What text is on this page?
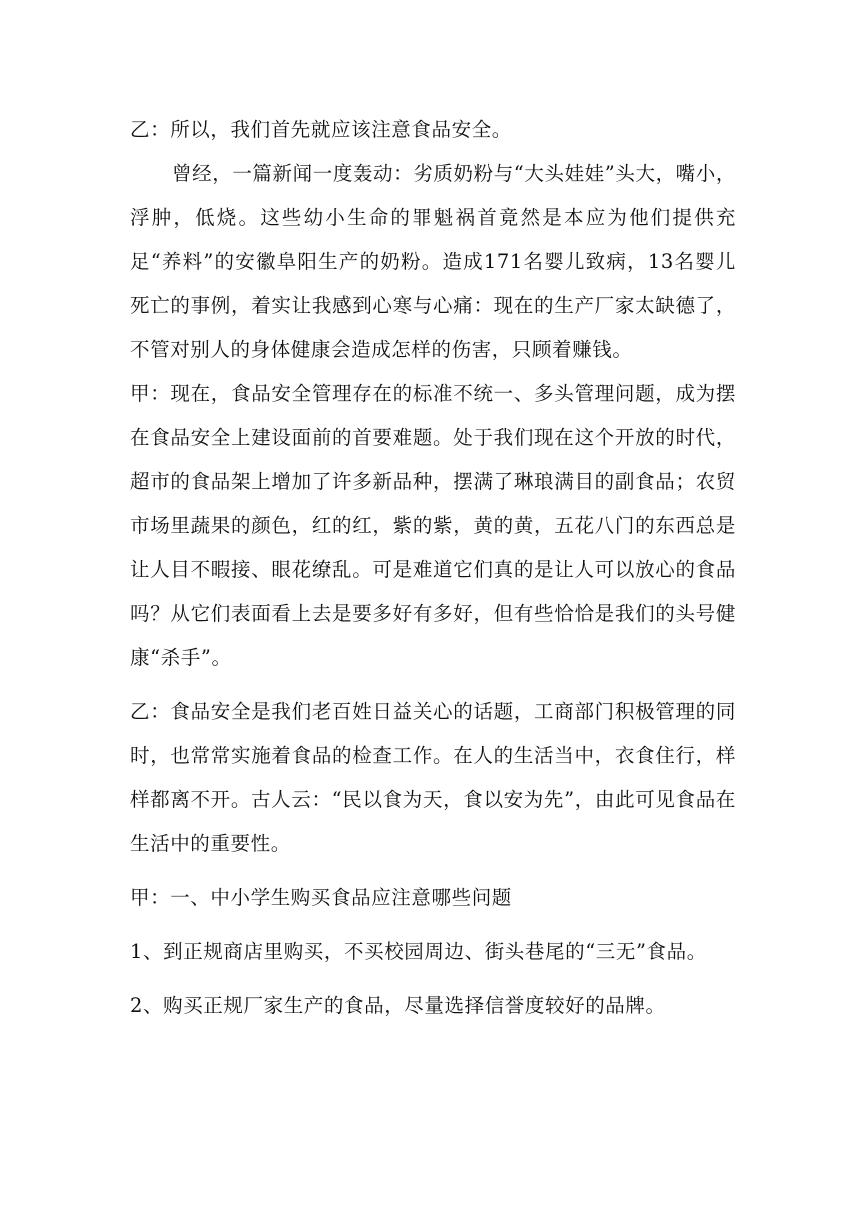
乙：所以，我们首先就应该注意食品安全。

曾经，一篇新闻一度轰动：劣质奶粉与“大头娃娃”头大，嘴小，浮肿，低烧。这些幼小生命的罪魁祸首竟然是本应为他们提供充足“养料”的安徽阜阳生产的奶粉。造成171名婴儿致病，13名婴儿死亡的事例，着实让我感到心寒与心痛：现在的生产厂家太缺德了，不管对别人的身体健康会造成怎样的伤害，只顾着赚钱。

甲：现在，食品安全管理存在的标准不统一、多头管理问题，成为摆在食品安全上建设面前的首要难题。处于我们现在这个开放的时代，超市的食品架上增加了许多新品种，摆满了琳琅满目的副食品；农贸市场里蔬果的颜色，红的红，紫的紫，黄的黄，五花八门的东西总是让人目不暇接、眼花缭乱。可是难道它们真的是让人可以放心的食品吗？从它们表面看上去是要多好有多好，但有些恰恰是我们的头号健康“杀手”。

乙：食品安全是我们老百姓日益关心的话题，工商部门积极管理的同时，也常常实施着食品的检查工作。在人的生活当中，衣食住行，样样都离不开。古人云：“民以食为天，食以安为先”，由此可见食品在生活中的重要性。

甲：一、中小学生购买食品应注意哪些问题

1、到正规商店里购买，不买校园周边、街头巷尾的“三无”食品。

2、购买正规厂家生产的食品，尽量选择信誉度较好的品牌。
